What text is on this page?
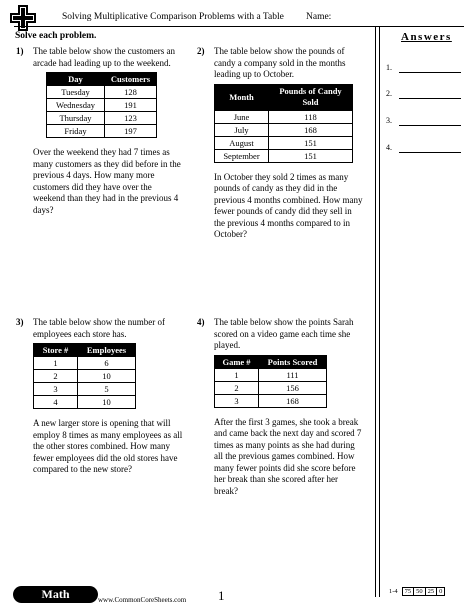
Solving Multiplicative Comparison Problems with a Table Name:
Solve each problem.	Answers
1.
2.
3.
4.
1) The table below show the customers an arcade had leading up to the weekend.
Day	Customers
Tuesday	128
Wednesday	191
Thursday	123
Friday	197
Over the weekend they had 7 times as many customers as they did before in the previous 4 days. How many more customers did they have over the weekend than they had in the previous 4 days?
2) The table below show the pounds of candy a company sold in the months leading up to October.
Month	Pounds of Candy Sold
June	118
July	168
August	151
September	151
In October they sold 2 times as many pounds of candy as they did in the previous 4 months combined. How many fewer pounds of candy did they sell in the previous 4 months compared to in October?
3) The table below show the number of employees each store has.
Store #	Employees
1	6
2	10
3	5
4	10
A new larger store is opening that will employ 8 times as many employees as all the other stores combined. How many fewer employees did the old stores have compared to the new store?
4) The table below show the points Sarah scored on a video game each time she played.
Game #	Points Scored
1	111
2	156
3	168
After the first 3 games, she took a break and came back the next day and scored 7 times as many points as she had during all the previous games combined. How many fewer points did she score before her break than she scored after her break?
Math	www.CommonCoreSheets.com 1	1-4	75 50 25 0
